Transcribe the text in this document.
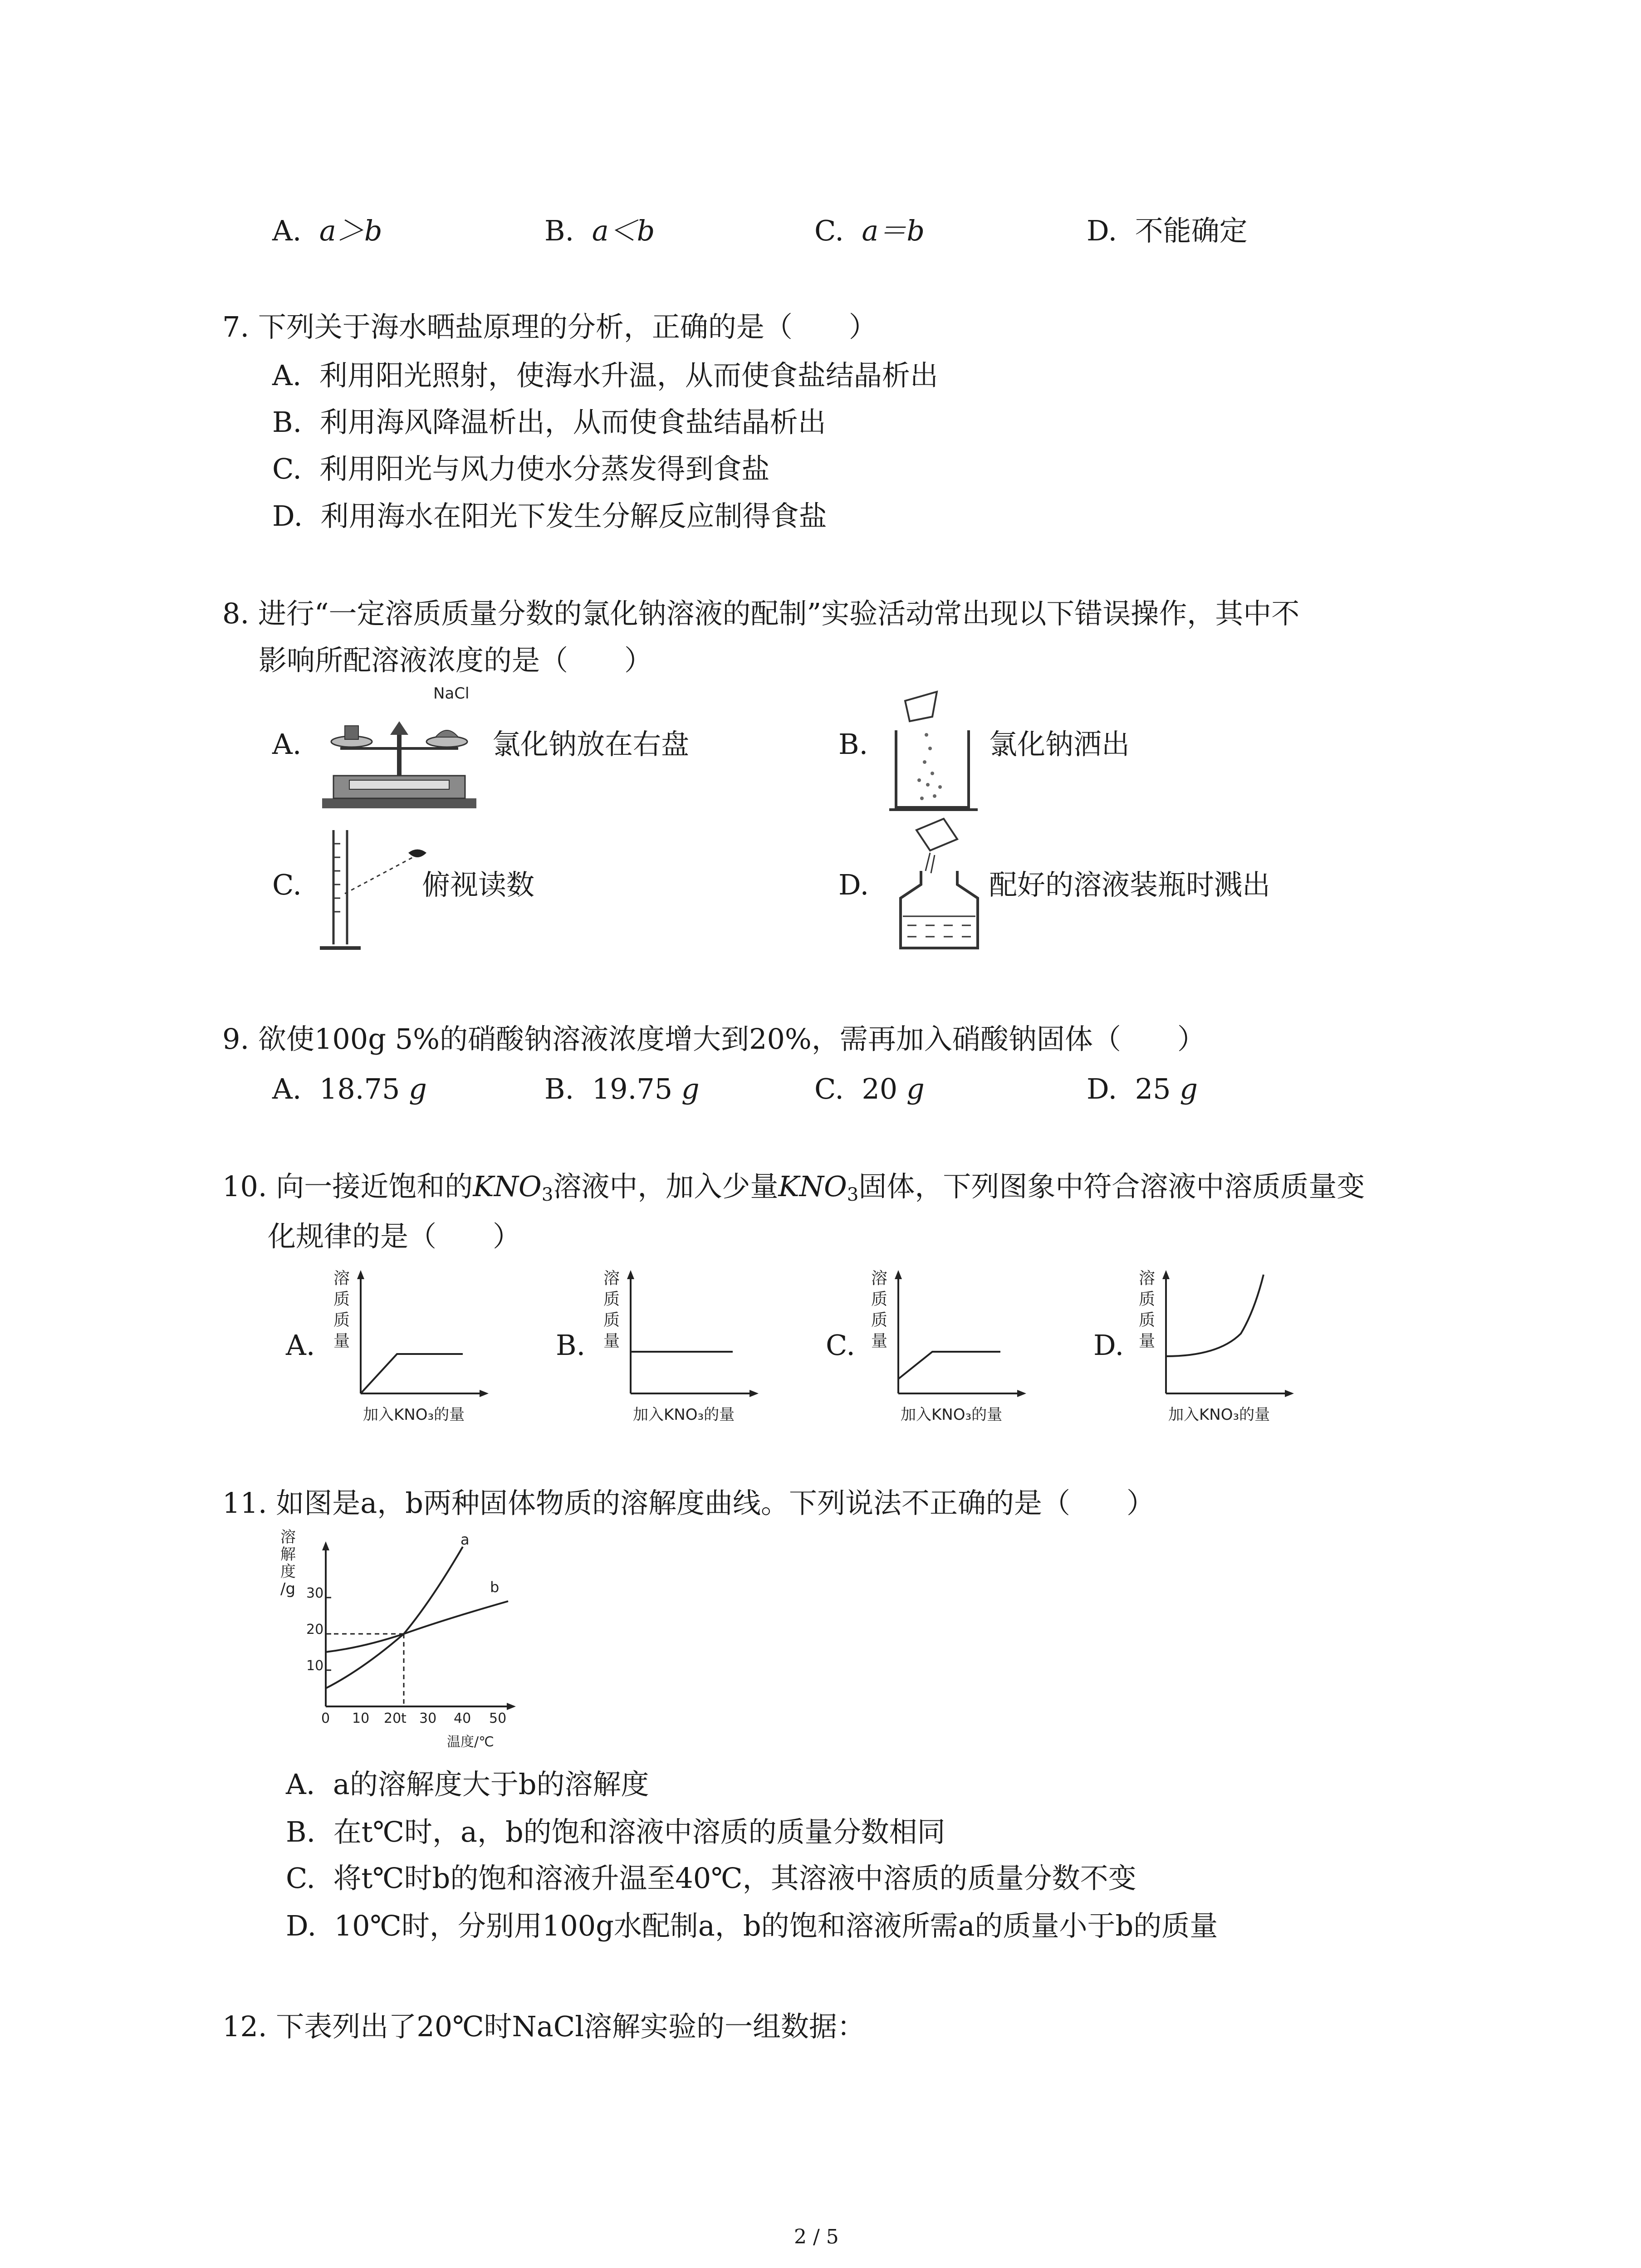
A. a＞b	B. a＜b	C. a＝b	D. 不能确定
7. 下列关于海水晒盐原理的分析，正确的是（　　）
A. 利用阳光照射，使海水升温，从而使食盐结晶析出
B. 利用海风降温析出，从而使食盐结晶析出
C. 利用阳光与风力使水分蒸发得到食盐
D. 利用海水在阳光下发生分解反应制得食盐
8. 进行“一定溶质质量分数的氯化钠溶液的配制”实验活动常出现以下错误操作，其中不
影响所配溶液浓度的是（　　）
A.
NaCl
氯化钠放在右盘	B.	氯化钠洒出
C.	俯视读数	D.	配好的溶液装瓶时溅出
9. 欲使100g 5%的硝酸钠溶液浓度增大到20%，需再加入硝酸钠固体（　　）
A. 18.75 g	B. 19.75 g	C. 20 g	D. 25 g
10. 向一接近饱和的$KNO_3$溶液中，加入少量$KNO_3$固体，下列图象中符合溶液中溶质质量变
化规律的是（　　）
A.	B.	C.	D.
溶
质
质
量
加入KNO₃的量
溶
质
质
量
加入KNO₃的量
溶
质
质
量
加入KNO₃的量
溶
质
质
量
加入KNO₃的量
11. 如图是a，b两种固体物质的溶解度曲线。下列说法不正确的是（　　）
溶
解
度
/g 30
20
10
0 10 20 t 30 40 50
温度/℃
a
b
A. a的溶解度大于b的溶解度
B. 在t℃时，a，b的饱和溶液中溶质的质量分数相同
C. 将t℃时b的饱和溶液升温至40℃，其溶液中溶质的质量分数不变
D. 10℃时，分别用100g水配制a，b的饱和溶液所需a的质量小于b的质量
12. 下表列出了20℃时NaCl溶解实验的一组数据：
2 / 5
